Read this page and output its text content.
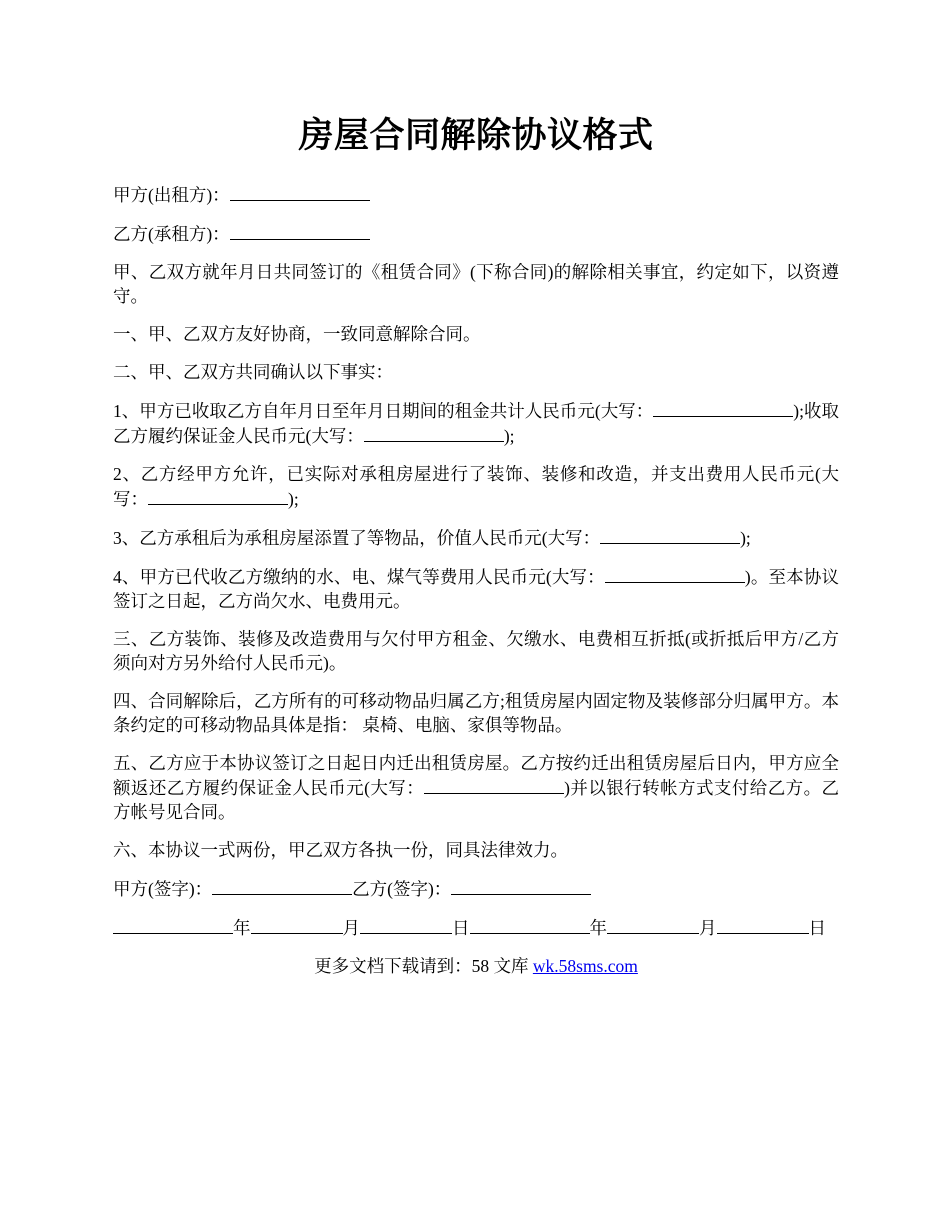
房屋合同解除协议格式

甲方(出租方)：

乙方(承租方)：

甲、乙双方就年月日共同签订的《租赁合同》(下称合同)的解除相关事宜，约定如下，以资遵守。

一、甲、乙双方友好协商，一致同意解除合同。

二、甲、乙双方共同确认以下事实：

1、甲方已收取乙方自年月日至年月日期间的租金共计人民币元(大写：	);收取乙方履约保证金人民币元(大写：	);

2、乙方经甲方允许，已实际对承租房屋进行了装饰、装修和改造，并支出费用人民币元(大写：	);

3、乙方承租后为承租房屋添置了等物品，价值人民币元(大写：	);

4、甲方已代收乙方缴纳的水、电、煤气等费用人民币元(大写：	)。至本协议签订之日起，乙方尚欠水、电费用元。

三、乙方装饰、装修及改造费用与欠付甲方租金、欠缴水、电费相互折抵(或折抵后甲方/乙方须向对方另外给付人民币元)。

四、合同解除后，乙方所有的可移动物品归属乙方;租赁房屋内固定物及装修部分归属甲方。本条约定的可移动物品具体是指： 桌椅、电脑、家俱等物品。

五、乙方应于本协议签订之日起日内迁出租赁房屋。乙方按约迁出租赁房屋后日内，甲方应全额返还乙方履约保证金人民币元(大写：	)并以银行转帐方式支付给乙方。乙方帐号见合同。

六、本协议一式两份，甲乙双方各执一份，同具法律效力。

甲方(签字)：	乙方(签字)：

年	月	日	年	月	日
更多文档下载请到：58 文库 wk.58sms.com
